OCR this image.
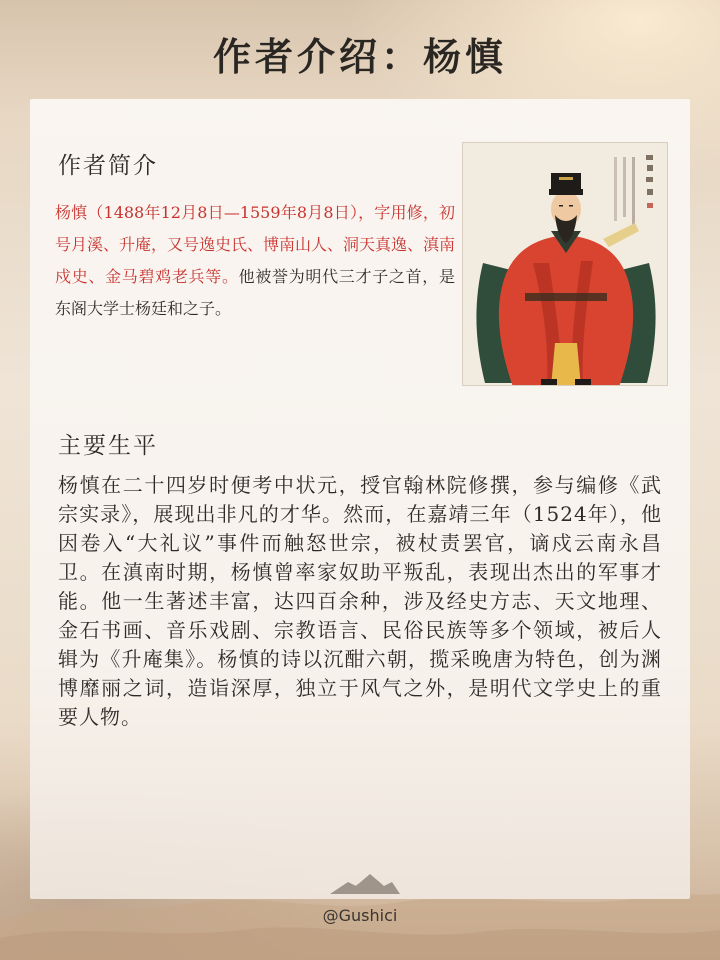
作者介绍：杨慎
作者简介
杨慎（1488年12月8日—1559年8月8日），字用修，初号月溪、升庵，又号逸史氏、博南山人、洞天真逸、滇南戍史、金马碧鸡老兵等。他被誉为明代三才子之首，是东阁大学士杨廷和之子。
主要生平
杨慎在二十四岁时便考中状元，授官翰林院修撰，参与编修《武宗实录》，展现出非凡的才华。然而，在嘉靖三年（1524年），他因卷入“大礼议”事件而触怒世宗，被杖责罢官，谪戍云南永昌卫。在滇南时期，杨慎曾率家奴助平叛乱，表现出杰出的军事才能。他一生著述丰富，达四百余种，涉及经史方志、天文地理、金石书画、音乐戏剧、宗教语言、民俗民族等多个领域，被后人辑为《升庵集》。杨慎的诗以沉酣六朝，揽采晚唐为特色，创为渊博靡丽之词，造诣深厚，独立于风气之外，是明代文学史上的重要人物。
@Gushici
